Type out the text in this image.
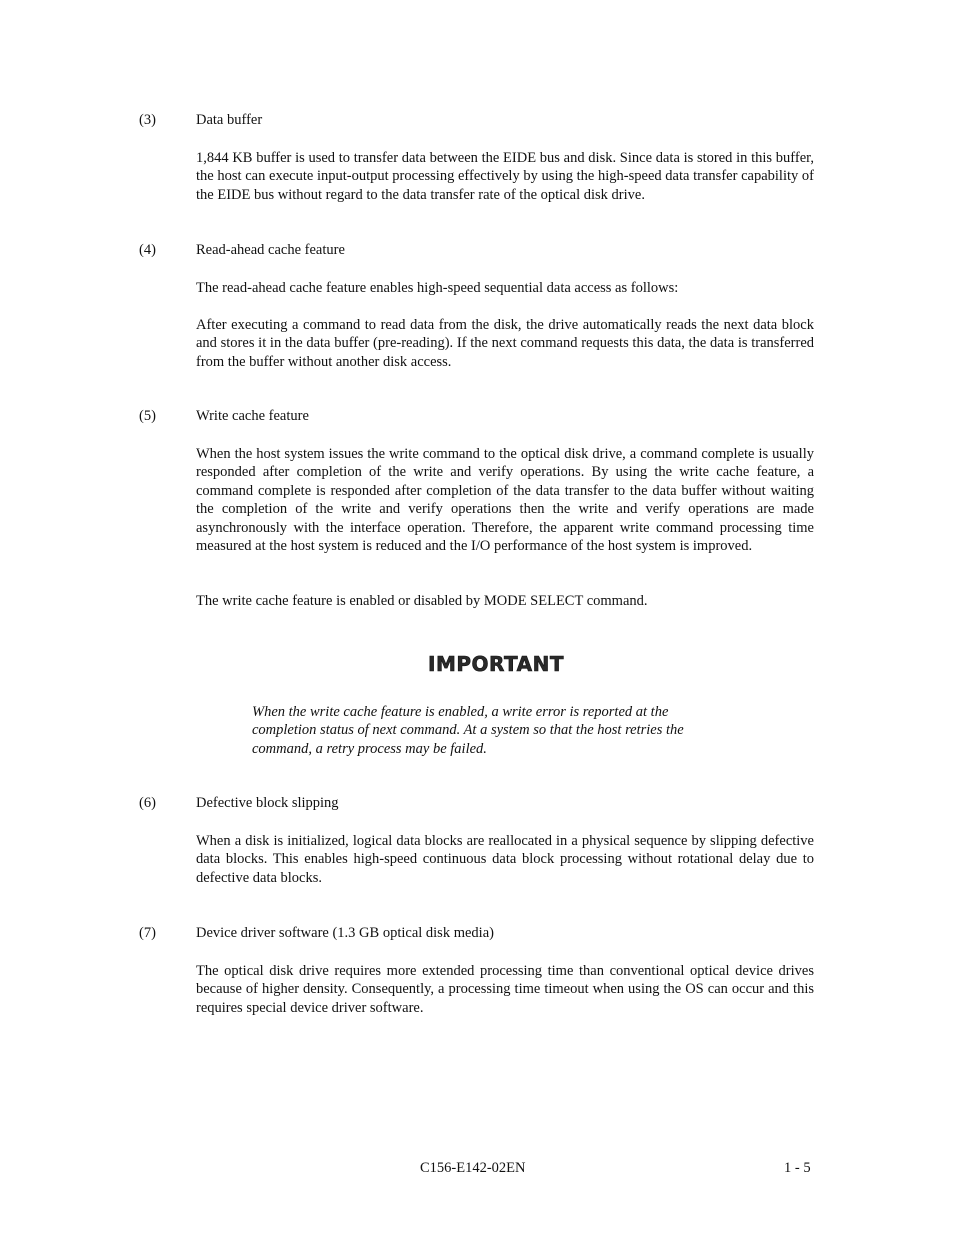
(3)	Data buffer

1,844 KB buffer is used to transfer data between the EIDE bus and disk. Since data is stored in this buffer, the host can execute input-output processing effectively by using the high-speed data transfer capability of the EIDE bus without regard to the data transfer rate of the optical disk drive.

(4)	Read-ahead cache feature

The read-ahead cache feature enables high-speed sequential data access as follows:

After executing a command to read data from the disk, the drive automatically reads the next data block and stores it in the data buffer (pre-reading). If the next command requests this data, the data is transferred from the buffer without another disk access.

(5)	Write cache feature

When the host system issues the write command to the optical disk drive, a command complete is usually responded after completion of the write and verify operations. By using the write cache feature, a command complete is responded after completion of the data transfer to the data buffer without waiting the completion of the write and verify operations then the write and verify operations are made asynchronously with the interface operation. Therefore, the apparent write command processing time measured at the host system is reduced and the I/O performance of the host system is improved.

The write cache feature is enabled or disabled by MODE SELECT command.

IMPORTANT

When the write cache feature is enabled, a write error is reported at the completion status of next command. At a system so that the host retries the command, a retry process may be failed.

(6)	Defective block slipping

When a disk is initialized, logical data blocks are reallocated in a physical sequence by slipping defective data blocks. This enables high-speed continuous data block processing without rotational delay due to defective data blocks.

(7)	Device driver software (1.3 GB optical disk media)

The optical disk drive requires more extended processing time than conventional optical device drives because of higher density. Consequently, a processing time timeout when using the OS can occur and this requires special device driver software.

C156-E142-02EN	1 - 5
